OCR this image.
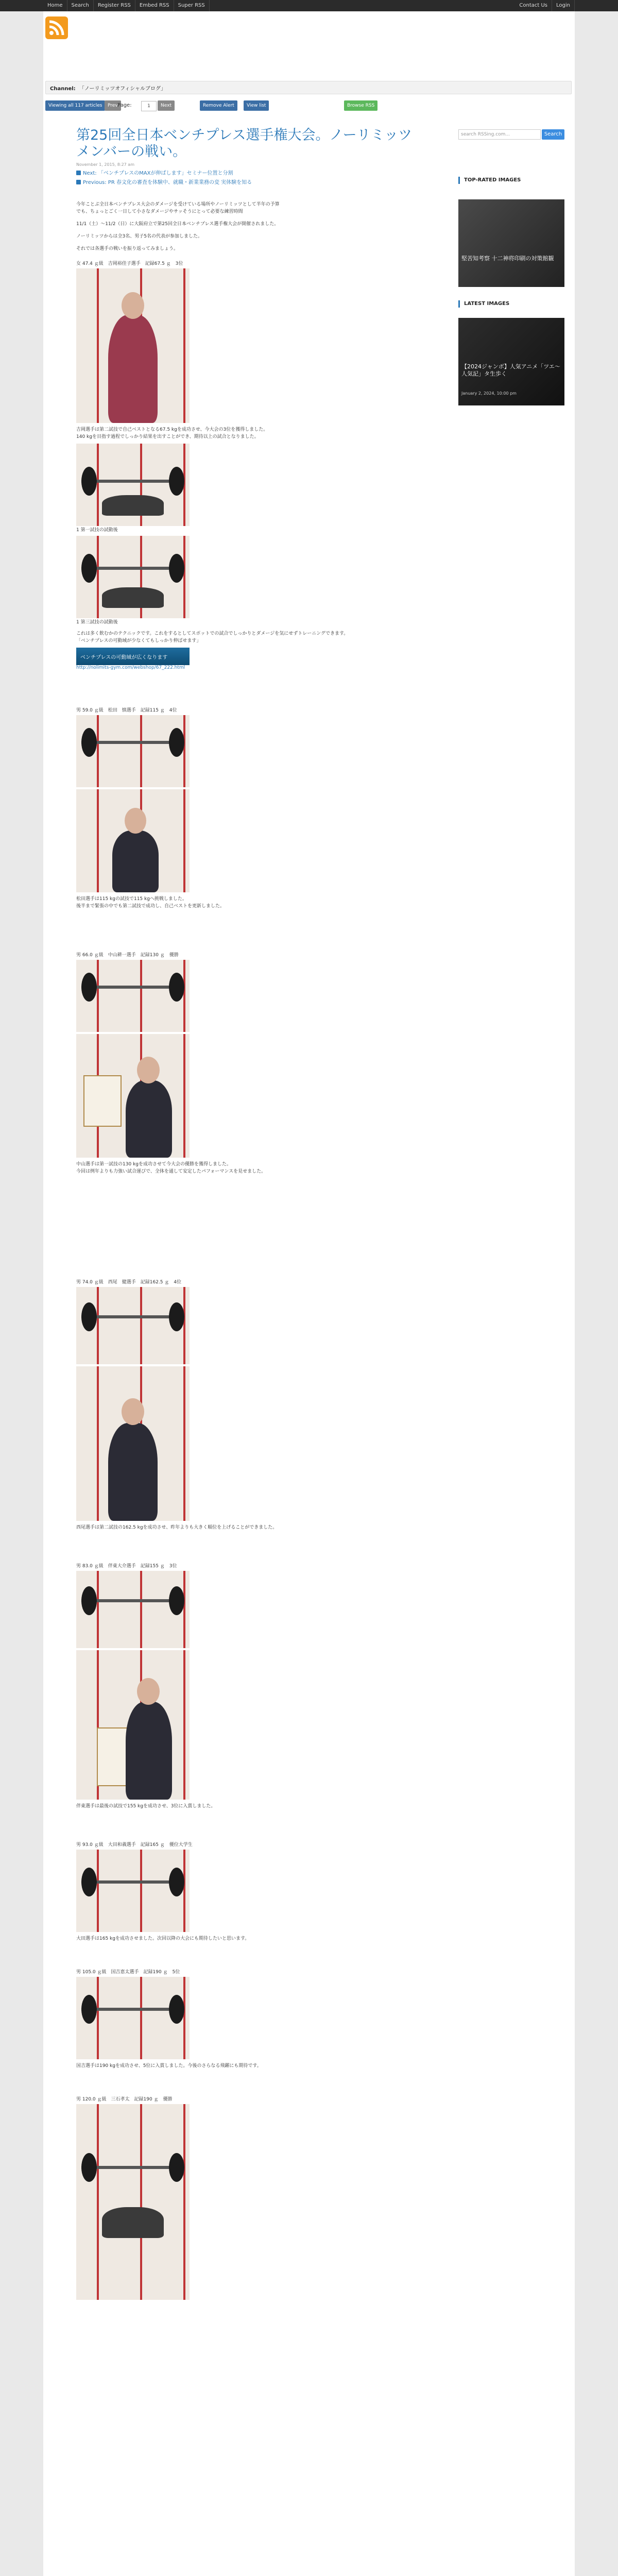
Home	Search	Register RSS	Embed RSS	Super RSS	Contact Us	Login
Channel: 「ノーリミッツオフィシャルブログ」
Viewing all 117 articles	Prev Page:	1	Next	Remove Alert	View list	Browse RSS
第25回全日本ベンチプレス選手権大会。ノーリミッツメンバーの戦い。
November 1, 2015, 8:27 am
Next: 「ベンチプレスのMAXが伸ばします」セミナー位置と分割
Previous: PR 春文化の審査を体験中、就職・新業業務の変 実体験を知る

今年ことぶ全日本ベンチプレス大会のダメージを受けている場所やノーリミッツとして半年の予算

でも、ちょっとごく一日して小さなダメージやサッそうにとって必要な練習時間

11/1（土）〜11/2（日）に大阪府立で第25回全日本ベンチプレス選手権大会が開催されました。

ノーリミッツからは全3名、男子5名の代表が参加しました。

それでは各選手の戦いを振り返ってみましょう。

女 47.4 ｇ級　吉岡裕佳子選手　記録67.5 ｇ　3位

吉岡選手は第二試技で自己ベストとなる67.5 kgを成功させ、今大会の3位を獲得しました。

140 kgを目指す過程でしっかり結果を出すことができ、期待以上の試合となりました。

1 第一試技の試動後

1 第三試技の試動後

これは多く飲むかのテクニックです。これをするとしてスポットでの試合でしっかりとダメージを気にせずトレーニングできます。

「ベンチプレスの可動域が少なくてもしっかり伸ばせます」

ベンチプレスの可動域が広くなります
http://nolimits-gym.com/webshop/67_222.html

男 59.0 ｇ級　松田　慎選手　記録115 ｇ　4位

松田選手は115 kgの試技で115 kgへ挑戦しました。

後半まで緊張の中でも第二試技で成功し、自己ベストを更新しました。

男 66.0 ｇ級　中山耕一選手　記録130 ｇ　優勝

中山選手は第一試技の130 kgを成功させて今大会の優勝を獲得しました。

今回は例年よりも力強い試合運びで、全体を通して安定したパフォーマンスを見せました。

男 74.0 ｇ級　西尾　健選手　記録162.5 ｇ　4位

西尾選手は第二試技の162.5 kgを成功させ、昨年よりも大きく順位を上げることができました。

男 83.0 ｇ級　伴東大介選手　記録155 ｇ　3位

伴東選手は最後の試技で155 kgを成功させ、3位に入賞しました。

男 93.0 ｇ級　大田和義選手　記録165 ｇ　優位大学生

大田選手は165 kgを成功させました。次回以降の大会にも期待したいと思います。

男 105.0 ｇ級　国吉恵太選手　記録190 ｇ　5位

国吉選手は190 kgを成功させ、5位に入賞しました。今後のさらなる飛躍にも期待です。

男 120.0 ｇ級　三石孝太　記録190 ｇ　優勝

search RSSing.com...	Search
TOP-RATED IMAGES
堅苦知考察 十二神将印刷の対策館観
LATEST IMAGES
【2024ジャンボ】人気アニメ「ツエ～人気記」タ生歩く
January 2, 2024, 10:00 pm
